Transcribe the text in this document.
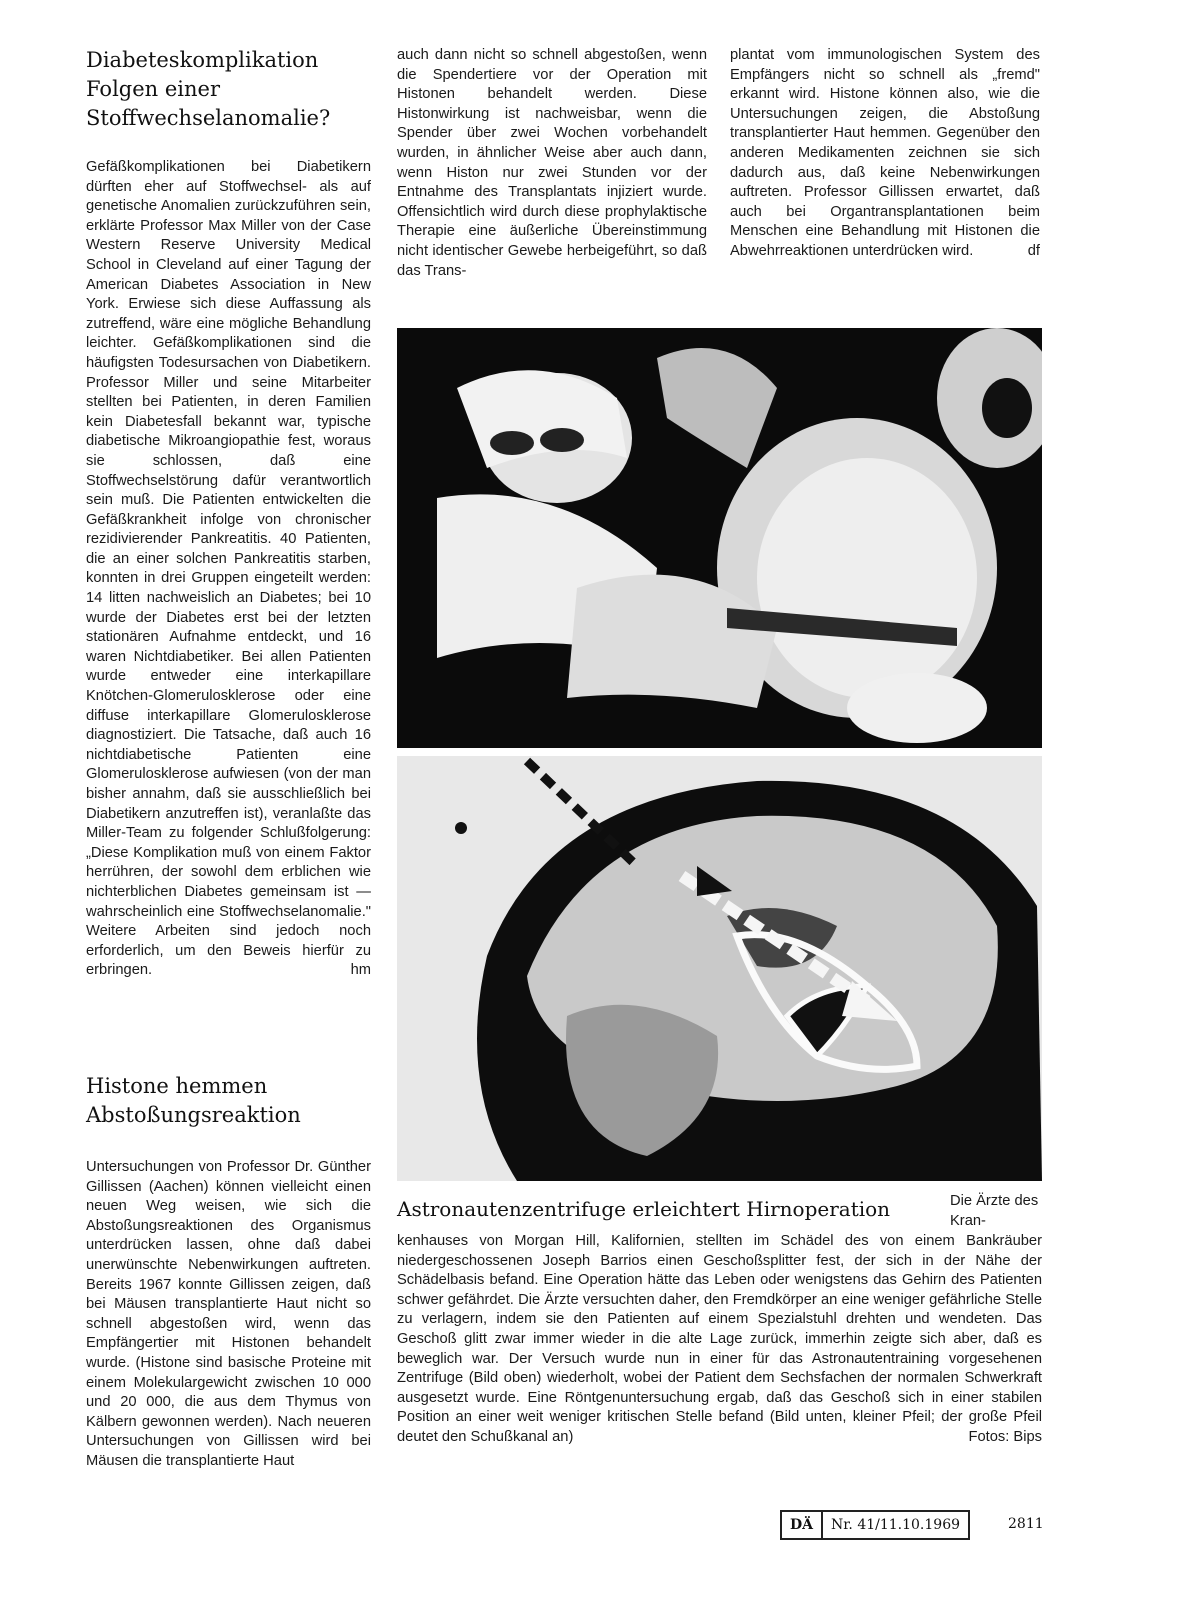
Diabeteskomplikation
Folgen einer
Stoffwechselanomalie?

Gefäßkomplikationen bei Diabetikern dürften eher auf Stoffwechsel- als auf genetische Anomalien zurückzuführen sein, erklärte Professor Max Miller von der Case Western Reserve University Medical School in Cleveland auf einer Tagung der American Diabetes Association in New York. Erwiese sich diese Auffassung als zutreffend, wäre eine mögliche Behandlung leichter. Gefäßkomplikationen sind die häufigsten Todesursachen von Diabetikern. Professor Miller und seine Mitarbeiter stellten bei Patienten, in deren Familien kein Diabetesfall bekannt war, typische diabetische Mikroangiopathie fest, woraus sie schlossen, daß eine Stoffwechselstörung dafür verantwortlich sein muß. Die Patienten entwickelten die Gefäßkrankheit infolge von chronischer rezidivierender Pankreatitis. 40 Patienten, die an einer solchen Pankreatitis starben, konnten in drei Gruppen eingeteilt werden: 14 litten nachweislich an Diabetes; bei 10 wurde der Diabetes erst bei der letzten stationären Aufnahme entdeckt, und 16 waren Nichtdiabetiker. Bei allen Patienten wurde entweder eine interkapillare Knötchen-Glomerulosklerose oder eine diffuse interkapillare Glomerulosklerose diagnostiziert. Die Tatsache, daß auch 16 nichtdiabetische Patienten eine Glomerulosklerose aufwiesen (von der man bisher annahm, daß sie ausschließlich bei Diabetikern anzutreffen ist), veranlaßte das Miller-Team zu folgender Schlußfolgerung: „Diese Komplikation muß von einem Faktor herrühren, der sowohl dem erblichen wie nichterblichen Diabetes gemeinsam ist — wahrscheinlich eine Stoffwechselanomalie." Weitere Arbeiten sind jedoch noch erforderlich, um den Beweis hierfür zu erbringen.	hm
Histone hemmen
Abstoßungsreaktion

Untersuchungen von Professor Dr. Günther Gillissen (Aachen) können vielleicht einen neuen Weg weisen, wie sich die Abstoßungsreaktionen des Organismus unterdrücken lassen, ohne daß dabei unerwünschte Nebenwirkungen auftreten. Bereits 1967 konnte Gillissen zeigen, daß bei Mäusen transplantierte Haut nicht so schnell abgestoßen wird, wenn das Empfängertier mit Histonen behandelt wurde. (Histone sind basische Proteine mit einem Molekulargewicht zwischen 10 000 und 20 000, die aus dem Thymus von Kälbern gewonnen werden). Nach neueren Untersuchungen von Gillissen wird bei Mäusen die transplantierte Haut

auch dann nicht so schnell abgestoßen, wenn die Spendertiere vor der Operation mit Histonen behandelt werden. Diese Histonwirkung ist nachweisbar, wenn die Spender über zwei Wochen vorbehandelt wurden, in ähnlicher Weise aber auch dann, wenn Histon nur zwei Stunden vor der Entnahme des Transplantats injiziert wurde. Offensichtlich wird durch diese prophylaktische Therapie eine äußerliche Übereinstimmung nicht identischer Gewebe herbeigeführt, so daß das Trans-

plantat vom immunologischen System des Empfängers nicht so schnell als „fremd" erkannt wird. Histone können also, wie die Untersuchungen zeigen, die Abstoßung transplantierter Haut hemmen. Gegenüber den anderen Medikamenten zeichnen sie sich dadurch aus, daß keine Nebenwirkungen auftreten. Professor Gillissen erwartet, daß auch bei Organtransplantationen beim Menschen eine Behandlung mit Histonen die Abwehrreaktionen unterdrücken wird.	df
Astronautenzentrifuge erleichtert Hirnoperation	Die Ärzte des Kran-

kenhauses von Morgan Hill, Kalifornien, stellten im Schädel des von einem Bankräuber niedergeschossenen Joseph Barrios einen Geschoßsplitter fest, der sich in der Nähe der Schädelbasis befand. Eine Operation hätte das Leben oder wenigstens das Gehirn des Patienten schwer gefährdet. Die Ärzte versuchten daher, den Fremdkörper an eine weniger gefährliche Stelle zu verlagern, indem sie den Patienten auf einem Spezialstuhl drehten und wendeten. Das Geschoß glitt zwar immer wieder in die alte Lage zurück, immerhin zeigte sich aber, daß es beweglich war. Der Versuch wurde nun in einer für das Astronautentraining vorgesehenen Zentrifuge (Bild oben) wiederholt, wobei der Patient dem Sechsfachen der normalen Schwerkraft ausgesetzt wurde. Eine Röntgenuntersuchung ergab, daß das Geschoß sich in einer stabilen Position an einer weit weniger kritischen Stelle befand (Bild unten, kleiner Pfeil; der große Pfeil deutet den Schußkanal an)	Fotos: Bips
DÄ	Nr. 41/11.10.1969	2811
